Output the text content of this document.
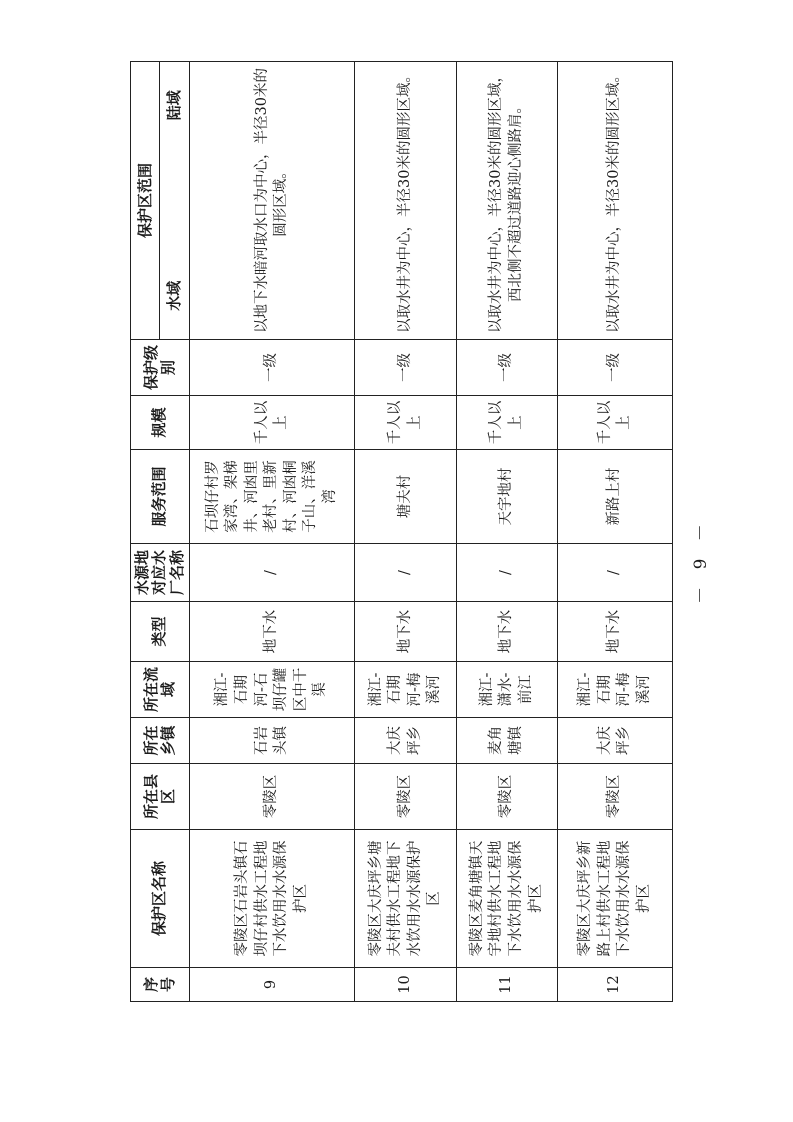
序号	保护区名称	所在县区	所在乡镇	所在流域	类型	水源地对应水厂名称	服务范围	规模	保护级别	保护区范围
										水域  陆域
9	零陵区石岩头镇石坝仔村供水工程地下水饮用水水源保护区	零陵区	石岩头镇	湘江-石期河-石坝仔罐区中干渠	地下水	/	石坝仔村罗家湾、架梯井、河凼里老村、里新村、河凼桐子山、洋溪湾	千人以上	一级	以地下水暗河取水口为中心，半径30米的圆形区域。
10	零陵区大庆坪乡塘夫村供水工程地下水饮用水水源保护区	零陵区	大庆坪乡	湘江-石期河-梅溪河	地下水	/	塘夫村	千人以上	一级	以取水井为中心，半径30米的圆形区域。
11	零陵区麦角塘镇天宇地村供水工程地下水饮用水水源保护区	零陵区	麦角塘镇	湘江-潇水-前江	地下水	/	天宇地村	千人以上	一级	以取水井为中心，半径30米的圆形区域，西北侧不超过道路迎心侧路肩。
12	零陵区大庆坪乡新路上村供水工程地下水饮用水水源保护区	零陵区	大庆坪乡	湘江-石期河-梅溪河	地下水	/	新路上村	千人以上	一级	以取水井为中心，半径30米的圆形区域。
－ 9 －
